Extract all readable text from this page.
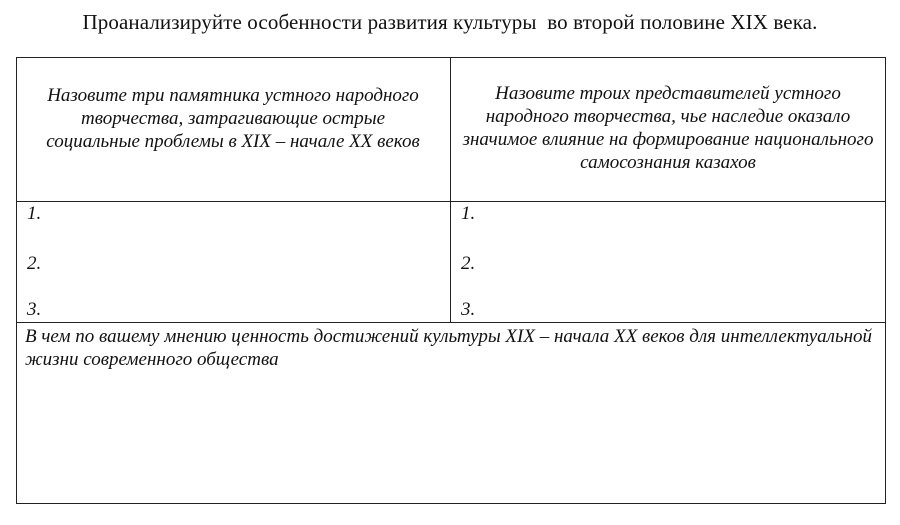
Проанализируйте особенности развития культуры  во второй половине XIX века.
Назовите три памятника устного народного творчества, затрагивающие острые социальные проблемы в XIX – начале XX веков
Назовите троих представителей устного народного творчества, чье наследие оказало значимое влияние на формирование национального самосознания казахов
1.
2.
3.
1.
2.
3.
В чем по вашему мнению ценность достижений культуры XIX – начала XX веков для интеллектуальной жизни современного общества
